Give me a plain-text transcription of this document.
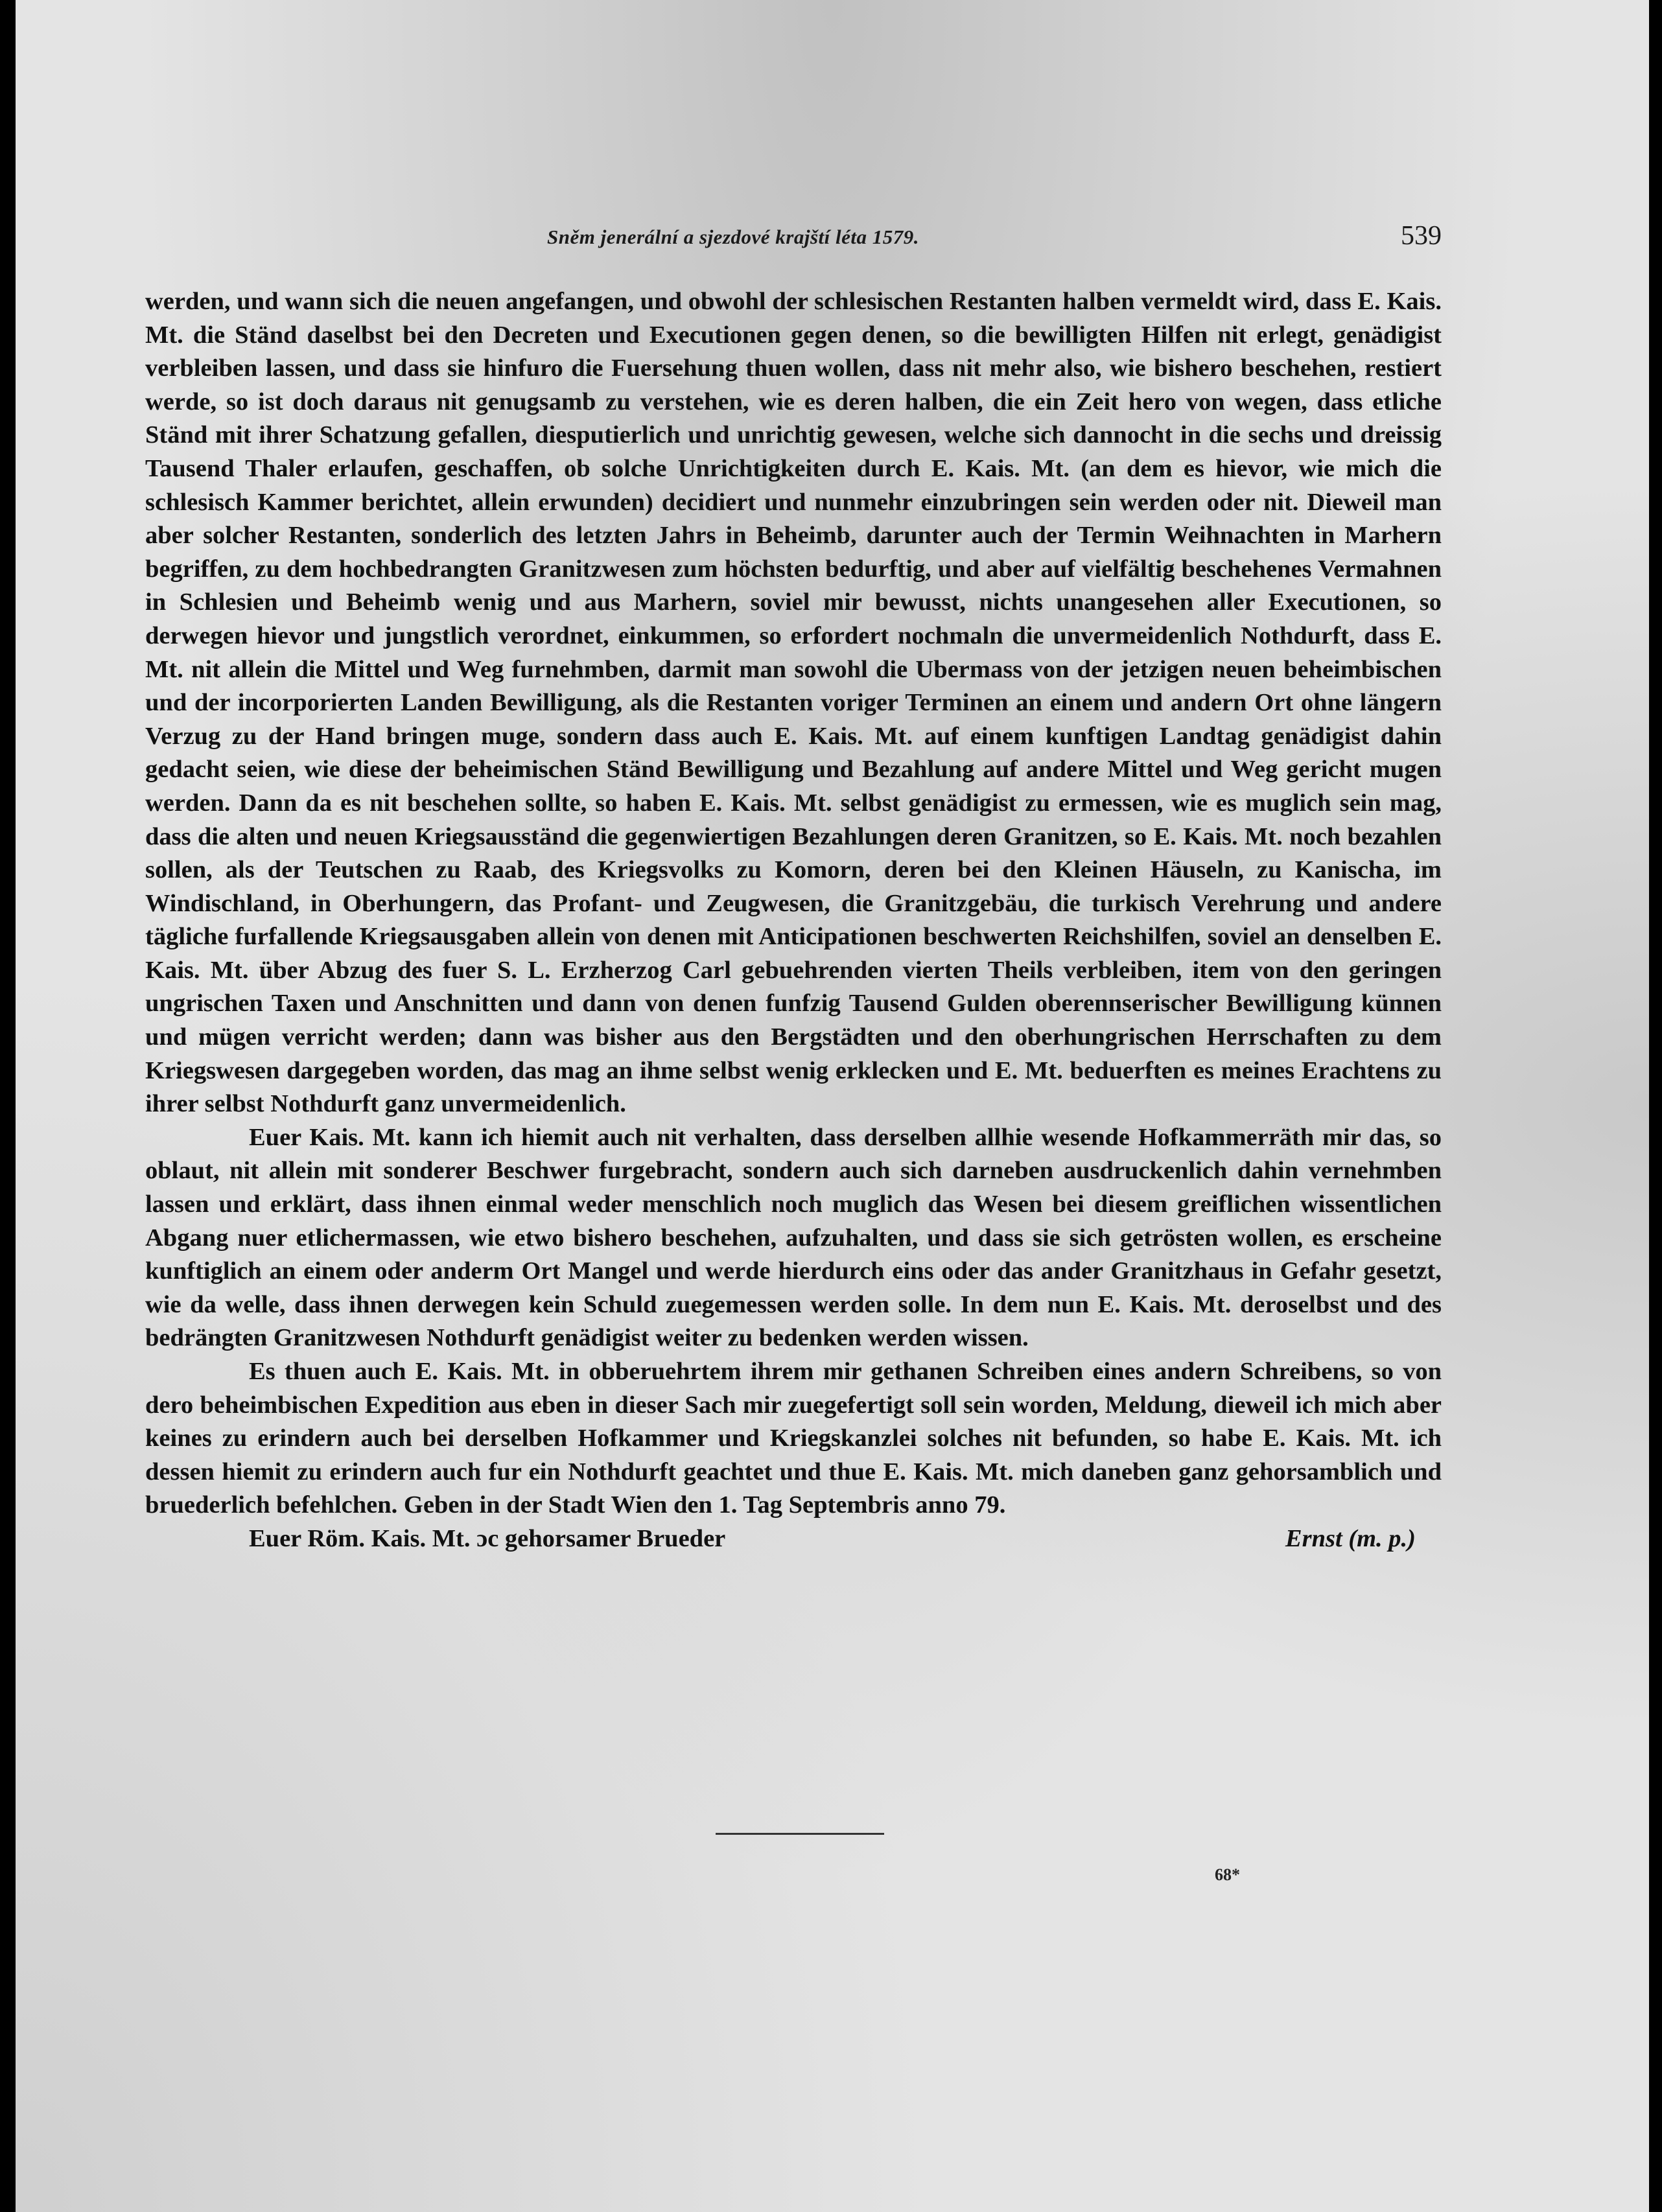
Sněm jenerální a sjezdové krajští léta 1579.	539

werden, und wann sich die neuen angefangen, und obwohl der schlesischen Restanten halben vermeldt wird, dass E. Kais. Mt. die Ständ daselbst bei den Decreten und Executionen gegen denen, so die bewilligten Hilfen nit erlegt, genädigist verbleiben lassen, und dass sie hinfuro die Fuersehung thuen wollen, dass nit mehr also, wie bishero beschehen, restiert werde, so ist doch daraus nit genugsamb zu verstehen, wie es deren halben, die ein Zeit hero von wegen, dass etliche Ständ mit ihrer Schatzung gefallen, diesputierlich und unrichtig gewesen, welche sich dannocht in die sechs und dreissig Tausend Thaler erlaufen, geschaffen, ob solche Unrichtigkeiten durch E. Kais. Mt. (an dem es hievor, wie mich die schlesisch Kammer berichtet, allein erwunden) decidiert und nunmehr einzubringen sein werden oder nit. Dieweil man aber solcher Restanten, sonderlich des letzten Jahrs in Beheimb, darunter auch der Termin Weihnachten in Marhern begriffen, zu dem hochbedrangten Granitzwesen zum höchsten bedurftig, und aber auf vielfältig beschehenes Vermahnen in Schlesien und Beheimb wenig und aus Marhern, soviel mir bewusst, nichts unangesehen aller Executionen, so derwegen hievor und jungstlich verordnet, einkummen, so erfordert nochmaln die unvermeidenlich Nothdurft, dass E. Mt. nit allein die Mittel und Weg furnehmben, darmit man sowohl die Ubermass von der jetzigen neuen beheimbischen und der incorporierten Landen Bewilligung, als die Restanten voriger Terminen an einem und andern Ort ohne längern Verzug zu der Hand bringen muge, sondern dass auch E. Kais. Mt. auf einem kunftigen Landtag genädigist dahin gedacht seien, wie diese der beheimischen Ständ Bewilligung und Bezahlung auf andere Mittel und Weg gericht mugen werden. Dann da es nit beschehen sollte, so haben E. Kais. Mt. selbst genädigist zu ermessen, wie es muglich sein mag, dass die alten und neuen Kriegsausständ die gegenwiertigen Bezahlungen deren Granitzen, so E. Kais. Mt. noch bezahlen sollen, als der Teutschen zu Raab, des Kriegsvolks zu Komorn, deren bei den Kleinen Häuseln, zu Kanischa, im Windischland, in Oberhungern, das Profant- und Zeugwesen, die Granitzgebäu, die turkisch Verehrung und andere tägliche furfallende Kriegsausgaben allein von denen mit Anticipationen beschwerten Reichshilfen, soviel an denselben E. Kais. Mt. über Abzug des fuer S. L. Erzherzog Carl gebuehrenden vierten Theils verbleiben, item von den geringen ungrischen Taxen und Anschnitten und dann von denen funfzig Tausend Gulden oberennserischer Bewilligung künnen und mügen verricht werden; dann was bisher aus den Bergstädten und den oberhungrischen Herrschaften zu dem Kriegswesen dargegeben worden, das mag an ihme selbst wenig erklecken und E. Mt. beduerften es meines Erachtens zu ihrer selbst Nothdurft ganz unvermeidenlich.

Euer Kais. Mt. kann ich hiemit auch nit verhalten, dass derselben allhie wesende Hofkammerräth mir das, so oblaut, nit allein mit sonderer Beschwer furgebracht, sondern auch sich darneben ausdruckenlich dahin vernehmben lassen und erklärt, dass ihnen einmal weder menschlich noch muglich das Wesen bei diesem greiflichen wissentlichen Abgang nuer etlichermassen, wie etwo bishero beschehen, aufzuhalten, und dass sie sich getrösten wollen, es erscheine kunftiglich an einem oder anderm Ort Mangel und werde hierdurch eins oder das ander Granitzhaus in Gefahr gesetzt, wie da welle, dass ihnen derwegen kein Schuld zuegemessen werden solle. In dem nun E. Kais. Mt. deroselbst und des bedrängten Granitzwesen Nothdurft genädigist weiter zu bedenken werden wissen.

Es thuen auch E. Kais. Mt. in obberuehrtem ihrem mir gethanen Schreiben eines andern Schreibens, so von dero beheimbischen Expedition aus eben in dieser Sach mir zuegefertigt soll sein worden, Meldung, dieweil ich mich aber keines zu erindern auch bei derselben Hofkammer und Kriegskanzlei solches nit befunden, so habe E. Kais. Mt. ich dessen hiemit zu erindern auch fur ein Nothdurft geachtet und thue E. Kais. Mt. mich daneben ganz gehorsamblich und bruederlich befehlchen. Geben in der Stadt Wien den 1. Tag Septembris anno 79.

Euer Röm. Kais. Mt. ɔc gehorsamer Brueder	Ernst (m. p.)
68*
